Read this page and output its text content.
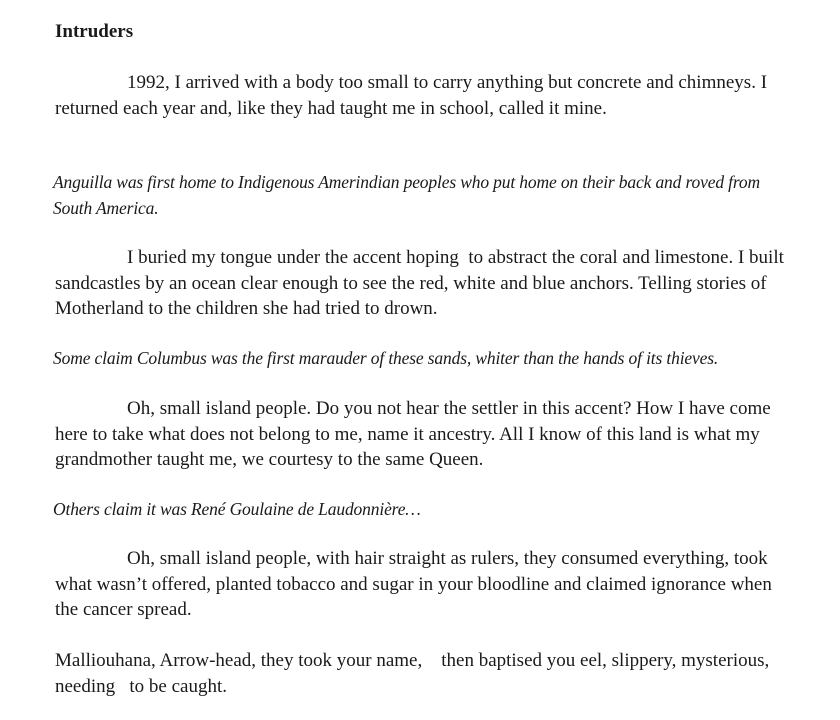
Intruders

1992, I arrived with a body too small to carry anything but concrete and chimneys. I returned each year and, like they had taught me in school, called it mine.

Anguilla was first home to Indigenous Amerindian peoples who put home on their back and roved from South America.

I buried my tongue under the accent hoping  to abstract the coral and limestone. I built sandcastles by an ocean clear enough to see the red, white and blue anchors. Telling stories of Motherland to the children she had tried to drown.

Some claim Columbus was the first marauder of these sands, whiter than the hands of its thieves.

Oh, small island people. Do you not hear the settler in this accent? How I have come here to take what does not belong to me, name it ancestry. All I know of this land is what my grandmother taught me, we courtesy to the same Queen.

Others claim it was René Goulaine de Laudonnière…

Oh, small island people, with hair straight as rulers, they consumed everything, took what wasn’t offered, planted tobacco and sugar in your bloodline and claimed ignorance when the cancer spread.

Malliouhana, Arrow-head, they took your name,    then baptised you eel, slippery, mysterious, needing   to be caught.
